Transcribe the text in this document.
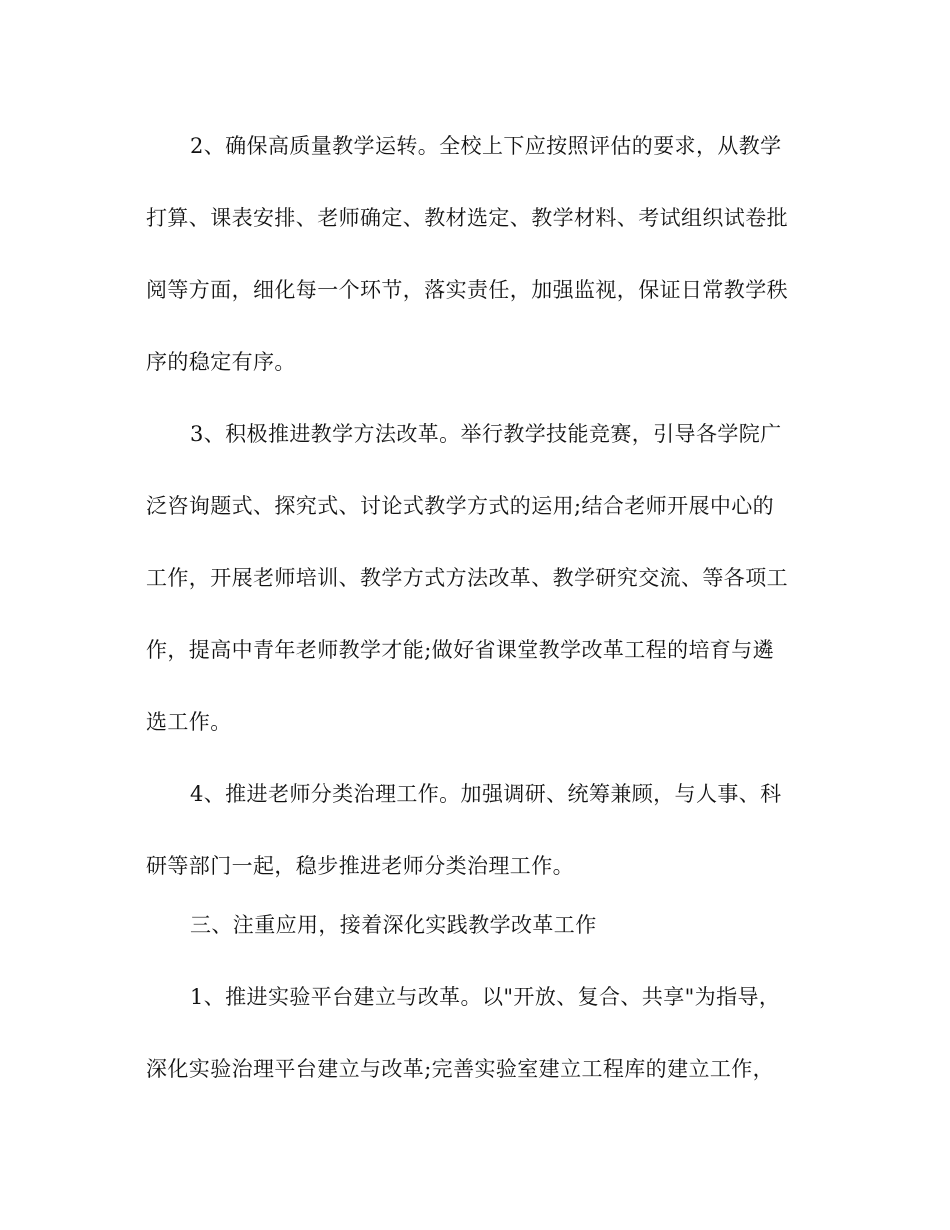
2、确保高质量教学运转。全校上下应按照评估的要求，从教学
打算、课表安排、老师确定、教材选定、教学材料、考试组织试卷批
阅等方面，细化每一个环节，落实责任，加强监视，保证日常教学秩
序的稳定有序。
3、积极推进教学方法改革。举行教学技能竞赛，引导各学院广
泛咨询题式、探究式、讨论式教学方式的运用;结合老师开展中心的
工作，开展老师培训、教学方式方法改革、教学研究交流、等各项工
作，提高中青年老师教学才能;做好省课堂教学改革工程的培育与遴
选工作。
4、推进老师分类治理工作。加强调研、统筹兼顾，与人事、科
研等部门一起，稳步推进老师分类治理工作。
三、注重应用，接着深化实践教学改革工作
1、推进实验平台建立与改革。以"开放、复合、共享"为指导，
深化实验治理平台建立与改革;完善实验室建立工程库的建立工作，
